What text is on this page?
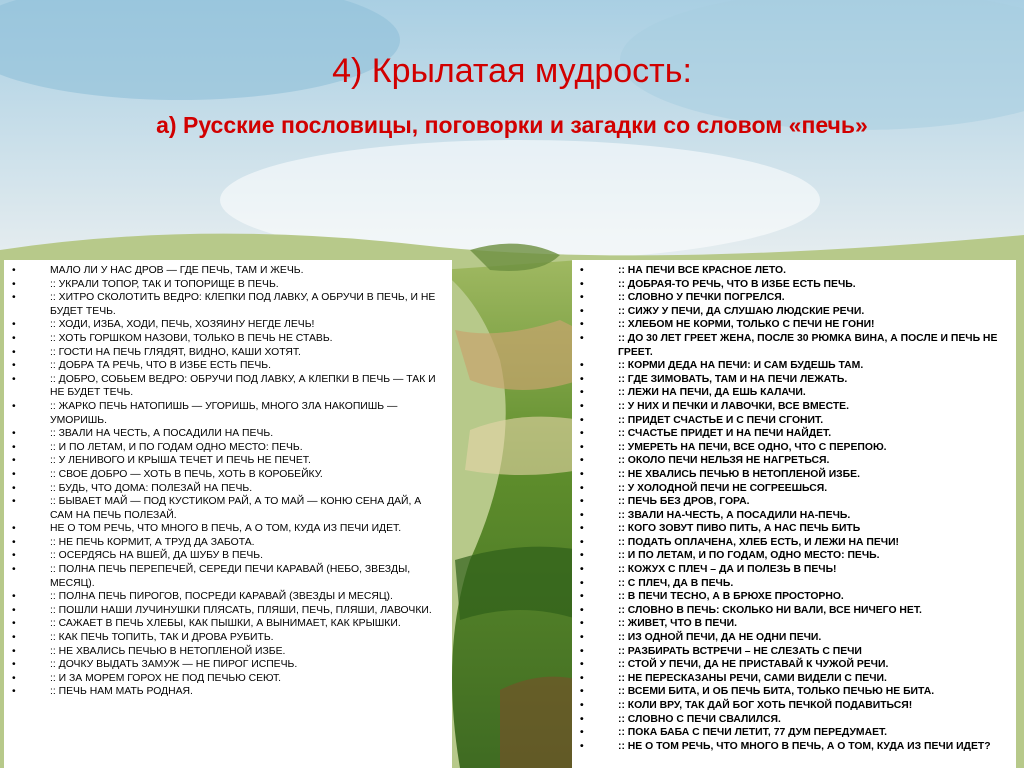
4) Крылатая мудрость:
а) Русские пословицы, поговорки и загадки со словом «печь»
•	МАЛО ЛИ У НАС ДРОВ — ГДЕ ПЕЧЬ, ТАМ И ЖЕЧЬ.
•	:: УКРАЛИ ТОПОР, ТАК И ТОПОРИЩЕ В ПЕЧЬ.
•	:: ХИТРО СКОЛОТИТЬ ВЕДРО: КЛЕПКИ ПОД ЛАВКУ, А ОБРУЧИ В ПЕЧЬ, И НЕ БУДЕТ ТЕЧЬ.
•	:: ХОДИ, ИЗБА, ХОДИ, ПЕЧЬ, ХОЗЯИНУ НЕГДЕ ЛЕЧЬ!
•	:: ХОТЬ ГОРШКОМ НАЗОВИ, ТОЛЬКО В ПЕЧЬ НЕ СТАВЬ.
•	:: ГОСТИ НА ПЕЧЬ ГЛЯДЯТ, ВИДНО, КАШИ ХОТЯТ.
•	:: ДОБРА ТА РЕЧЬ, ЧТО В ИЗБЕ ЕСТЬ ПЕЧЬ.
•	:: ДОБРО, СОБЬЕМ ВЕДРО: ОБРУЧИ ПОД ЛАВКУ, А КЛЕПКИ В ПЕЧЬ — ТАК И НЕ БУДЕТ ТЕЧЬ.
•	:: ЖАРКО ПЕЧЬ НАТОПИШЬ — УГОРИШЬ, МНОГО ЗЛА НАКОПИШЬ — УМОРИШЬ.
•	:: ЗВАЛИ НА ЧЕСТЬ, А ПОСАДИЛИ НА ПЕЧЬ.
•	:: И ПО ЛЕТАМ, И ПО ГОДАМ ОДНО МЕСТО: ПЕЧЬ.
•	:: У ЛЕНИВОГО И КРЫША ТЕЧЕТ И ПЕЧЬ НЕ ПЕЧЕТ.
•	:: СВОЕ ДОБРО — ХОТЬ В ПЕЧЬ, ХОТЬ В КОРОБЕЙКУ.
•	:: БУДЬ, ЧТО ДОМА: ПОЛЕЗАЙ НА ПЕЧЬ.
•	:: БЫВАЕТ МАЙ — ПОД КУСТИКОМ РАЙ, А ТО МАЙ — КОНЮ СЕНА ДАЙ, А САМ НА ПЕЧЬ ПОЛЕЗАЙ.
•	НЕ О ТОМ РЕЧЬ, ЧТО МНОГО В ПЕЧЬ, А О ТОМ, КУДА ИЗ ПЕЧИ ИДЕТ.
•	:: НЕ ПЕЧЬ КОРМИТ, А ТРУД ДА ЗАБОТА.
•	:: ОСЕРДЯСЬ НА ВШЕЙ, ДА ШУБУ В ПЕЧЬ.
•	:: ПОЛНА ПЕЧЬ ПЕРЕПЕЧЕЙ, СЕРЕДИ ПЕЧИ КАРАВАЙ (НЕБО, ЗВЕЗДЫ, МЕСЯЦ).
•	:: ПОЛНА ПЕЧЬ ПИРОГОВ, ПОСРЕДИ КАРАВАЙ (ЗВЕЗДЫ И МЕСЯЦ).
•	:: ПОШЛИ НАШИ ЛУЧИНУШКИ ПЛЯСАТЬ, ПЛЯШИ, ПЕЧЬ, ПЛЯШИ, ЛАВОЧКИ.
•	:: САЖАЕТ В ПЕЧЬ ХЛЕБЫ, КАК ПЫШКИ, А ВЫНИМАЕТ, КАК КРЫШКИ.
•	:: КАК ПЕЧЬ ТОПИТЬ, ТАК И ДРОВА РУБИТЬ.
•	:: НЕ ХВАЛИСЬ ПЕЧЬЮ В НЕТОПЛЕНОЙ ИЗБЕ.
•	:: ДОЧКУ ВЫДАТЬ ЗАМУЖ — НЕ ПИРОГ ИСПЕЧЬ.
•	:: И ЗА МОРЕМ ГОРОХ НЕ ПОД ПЕЧЬЮ СЕЮТ.
•	:: ПЕЧЬ НАМ МАТЬ РОДНАЯ.
•	:: НА ПЕЧИ ВСЕ КРАСНОЕ ЛЕТО.
•	:: ДОБРАЯ-ТО РЕЧЬ, ЧТО В ИЗБЕ ЕСТЬ ПЕЧЬ.
•	:: СЛОВНО У ПЕЧКИ ПОГРЕЛСЯ.
•	:: СИЖУ У ПЕЧИ, ДА СЛУШАЮ ЛЮДСКИЕ РЕЧИ.
•	:: ХЛЕБОМ НЕ КОРМИ, ТОЛЬКО С ПЕЧИ НЕ ГОНИ!
•	:: ДО 30 ЛЕТ ГРЕЕТ ЖЕНА, ПОСЛЕ 30 РЮМКА ВИНА, А ПОСЛЕ И ПЕЧЬ НЕ ГРЕЕТ.
•	:: КОРМИ ДЕДА НА ПЕЧИ: И САМ БУДЕШЬ ТАМ.
•	:: ГДЕ ЗИМОВАТЬ, ТАМ И НА ПЕЧИ ЛЕЖАТЬ.
•	:: ЛЕЖИ НА ПЕЧИ, ДА ЕШЬ КАЛАЧИ.
•	:: У НИХ И ПЕЧКИ И ЛАВОЧКИ, ВСЕ ВМЕСТЕ.
•	:: ПРИДЕТ СЧАСТЬЕ И С ПЕЧИ СГОНИТ.
•	:: СЧАСТЬЕ ПРИДЕТ И НА ПЕЧИ НАЙДЕТ.
•	:: УМЕРЕТЬ НА ПЕЧИ, ВСЕ ОДНО, ЧТО С ПЕРЕПОЮ.
•	:: ОКОЛО ПЕЧИ НЕЛЬЗЯ НЕ НАГРЕТЬСЯ.
•	:: НЕ ХВАЛИСЬ ПЕЧЬЮ В НЕТОПЛЕНОЙ ИЗБЕ.
•	:: У ХОЛОДНОЙ ПЕЧИ НЕ СОГРЕЕШЬСЯ.
•	:: ПЕЧЬ БЕЗ ДРОВ, ГОРА.
•	:: ЗВАЛИ НА-ЧЕСТЬ, А ПОСАДИЛИ НА-ПЕЧЬ.
•	:: КОГО ЗОВУТ ПИВО ПИТЬ, А НАС ПЕЧЬ БИТЬ
•	:: ПОДАТЬ ОПЛАЧЕНА, ХЛЕБ ЕСТЬ, И ЛЕЖИ НА ПЕЧИ!
•	:: И ПО ЛЕТАМ, И ПО ГОДАМ, ОДНО МЕСТО: ПЕЧЬ.
•	:: КОЖУХ С ПЛЕЧ – ДА И ПОЛЕЗЬ В ПЕЧЬ!
•	:: С ПЛЕЧ, ДА В ПЕЧЬ.
•	:: В ПЕЧИ ТЕСНО, А В БРЮХЕ ПРОСТОРНО.
•	:: СЛОВНО В ПЕЧЬ: СКОЛЬКО НИ ВАЛИ, ВСЕ НИЧЕГО НЕТ.
•	:: ЖИВЕТ, ЧТО В ПЕЧИ.
•	:: ИЗ ОДНОЙ ПЕЧИ, ДА НЕ ОДНИ ПЕЧИ.
•	:: РАЗБИРАТЬ ВСТРЕЧИ – НЕ СЛЕЗАТЬ С ПЕЧИ
•	:: СТОЙ У ПЕЧИ, ДА НЕ ПРИСТАВАЙ К ЧУЖОЙ РЕЧИ.
•	:: НЕ ПЕРЕСКАЗАНЫ РЕЧИ, САМИ ВИДЕЛИ С ПЕЧИ.
•	:: ВСЕМИ БИТА, И ОБ ПЕЧЬ БИТА, ТОЛЬКО ПЕЧЬЮ НЕ БИТА.
•	:: КОЛИ ВРУ, ТАК ДАЙ БОГ ХОТЬ ПЕЧКОЙ ПОДАВИТЬСЯ!
•	:: СЛОВНО С ПЕЧИ СВАЛИЛСЯ.
•	:: ПОКА БАБА С ПЕЧИ ЛЕТИТ, 77 ДУМ ПЕРЕДУМАЕТ.
•	:: НЕ О ТОМ РЕЧЬ, ЧТО МНОГО В ПЕЧЬ, А О ТОМ, КУДА ИЗ ПЕЧИ ИДЕТ?
